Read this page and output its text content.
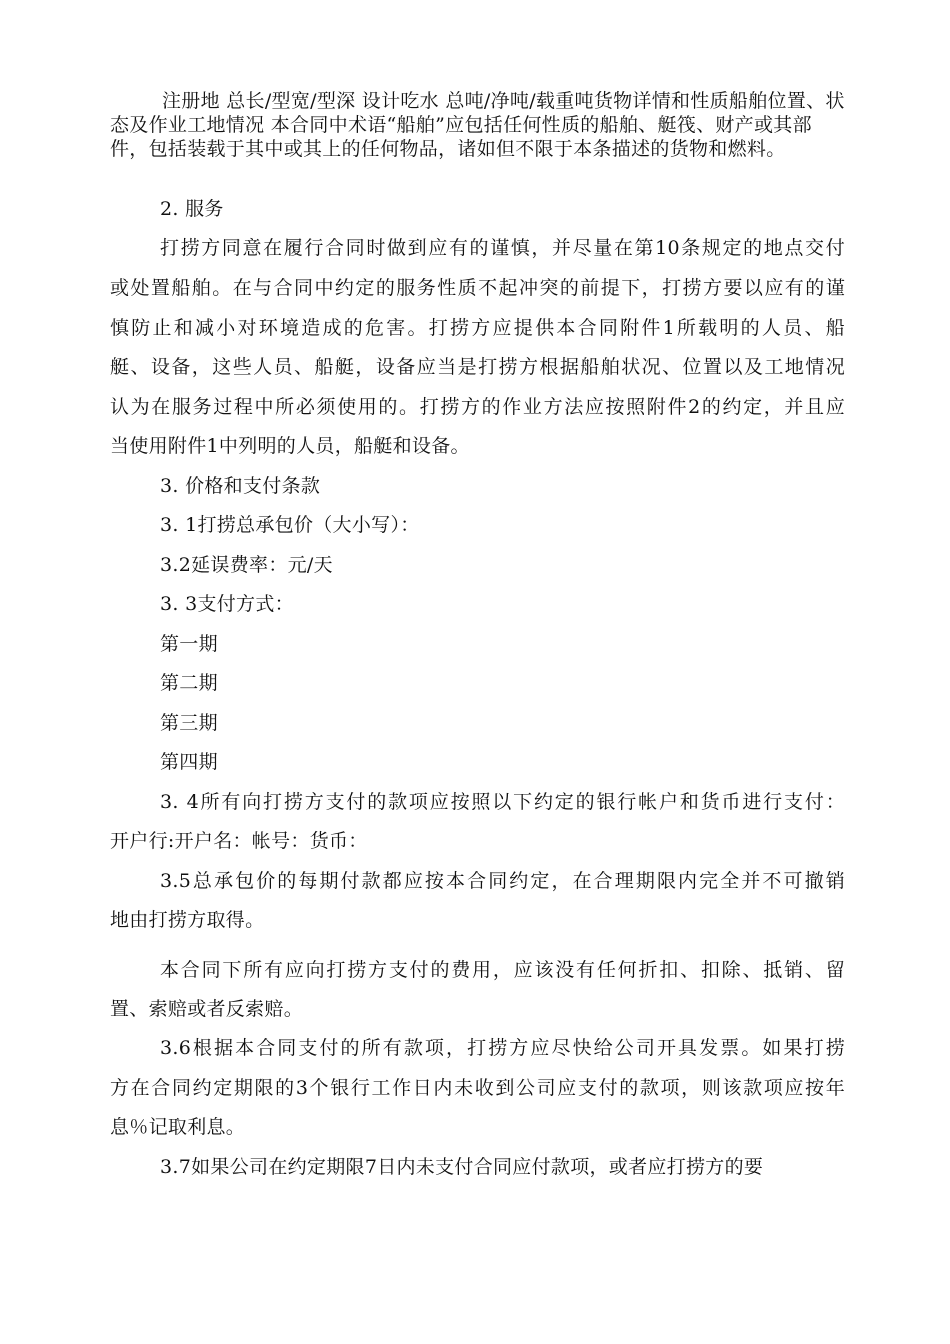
注册地 总长/型宽/型深 设计吃水 总吨/净吨/载重吨货物详情和性质船舶位置、状态及作业工地情况 本合同中术语“船舶”应包括任何性质的船舶、艇筏、财产或其部件，包括装载于其中或其上的任何物品，诸如但不限于本条描述的货物和燃料。

2. 服务

打捞方同意在履行合同时做到应有的谨慎，并尽量在第10条规定的地点交付

或处置船舶。在与合同中约定的服务性质不起冲突的前提下，打捞方要以应有的谨

慎防止和减小对环境造成的危害。打捞方应提供本合同附件1所载明的人员、船

艇、设备，这些人员、船艇，设备应当是打捞方根据船舶状况、位置以及工地情况

认为在服务过程中所必须使用的。打捞方的作业方法应按照附件2的约定，并且应

当使用附件1中列明的人员，船艇和设备。

3. 价格和支付条款

3. 1打捞总承包价（大小写）：

3.2延误费率：元/天

3. 3支付方式：

第一期

第二期

第三期

第四期

3. 4所有向打捞方支付的款项应按照以下约定的银行帐户和货币进行支付：

开户行:开户名：帐号：货币：

3.5总承包价的每期付款都应按本合同约定，在合理期限内完全并不可撤销

地由打捞方取得。

本合同下所有应向打捞方支付的费用，应该没有任何折扣、扣除、抵销、留

置、索赔或者反索赔。

3.6根据本合同支付的所有款项，打捞方应尽快给公司开具发票。如果打捞

方在合同约定期限的3个银行工作日内未收到公司应支付的款项，则该款项应按年

息％记取利息。

3.7如果公司在约定期限7日内未支付合同应付款项，或者应打捞方的要
